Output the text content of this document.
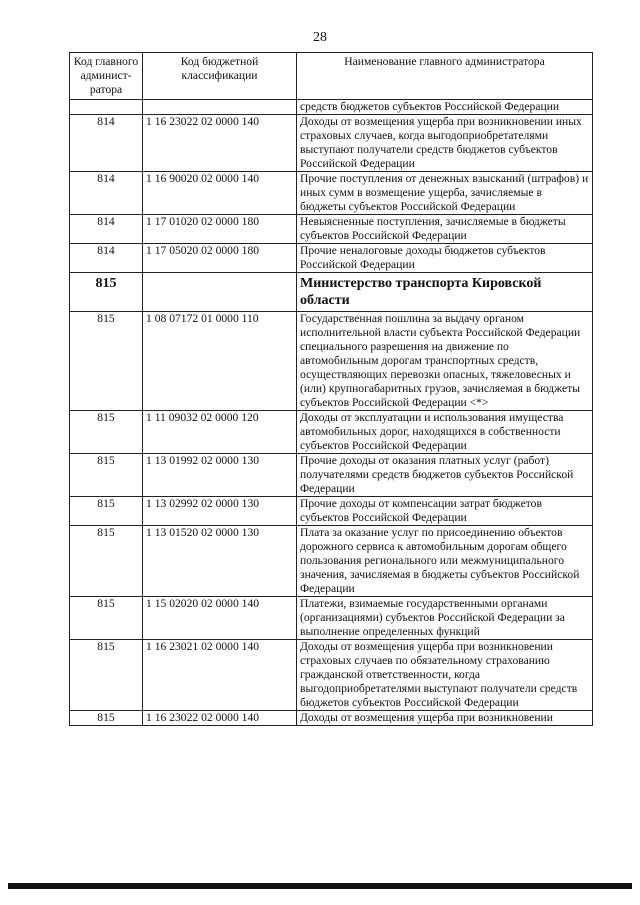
28
Код главного админист-ратора	Код бюджетной классификации	Наименование главного администратора
		средств бюджетов субъектов Российской Федерации
814	1 16 23022 02 0000 140	Доходы от возмещения ущерба при возникновении иных страховых случаев, когда выгодоприобретателями выступают получатели средств бюджетов субъектов Российской Федерации
814	1 16 90020 02 0000 140	Прочие поступления от денежных взысканий (штрафов) и иных сумм в возмещение ущерба, зачисляемые в бюджеты субъектов Российской Федерации
814	1 17 01020 02 0000 180	Невыясненные поступления, зачисляемые в бюджеты субъектов Российской Федерации
814	1 17 05020 02 0000 180	Прочие неналоговые доходы бюджетов субъектов Российской Федерации
815		Министерство транспорта Кировской области
815	1 08 07172 01 0000 110	Государственная пошлина за выдачу органом исполнительной власти субъекта Российской Федерации специального разрешения на движение по автомобильным дорогам транспортных средств, осуществляющих перевозки опасных, тяжеловесных и (или) крупногабаритных грузов, зачисляемая в бюджеты субъектов Российской Федерации <*>
815	1 11 09032 02 0000 120	Доходы от эксплуатации и использования имущества автомобильных дорог, находящихся в собственности субъектов Российской Федерации
815	1 13 01992 02 0000 130	Прочие доходы от оказания платных услуг (работ) получателями средств бюджетов субъектов Российской Федерации
815	1 13 02992 02 0000 130	Прочие доходы от компенсации затрат бюджетов субъектов Российской Федерации
815	1 13 01520 02 0000 130	Плата за оказание услуг по присоединению объектов дорожного сервиса к автомобильным дорогам общего пользования регионального или межмуниципального значения, зачисляемая в бюджеты субъектов Российской Федерации
815	1 15 02020 02 0000 140	Платежи, взимаемые государственными органами (организациями) субъектов Российской Федерации за выполнение определенных функций
815	1 16 23021 02 0000 140	Доходы от возмещения ущерба при возникновении страховых случаев по обязательному страхованию гражданской ответственности, когда выгодоприобретателями выступают получатели средств бюджетов субъектов Российской Федерации
815	1 16 23022 02 0000 140	Доходы от возмещения ущерба при возникновении
